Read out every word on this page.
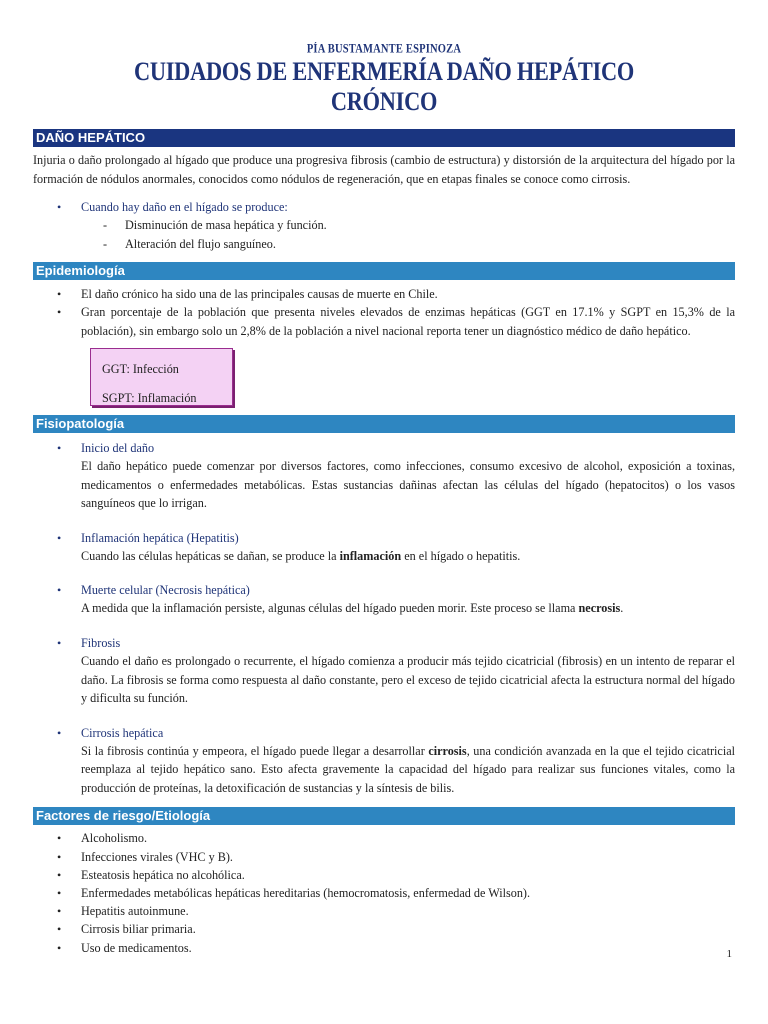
PÍA BUSTAMANTE ESPINOZA
CUIDADOS DE ENFERMERÍA DAÑO HEPÁTICO CRÓNICO
DAÑO HEPÁTICO

Injuria o daño prolongado al hígado que produce una progresiva fibrosis (cambio de estructura) y distorsión de la arquitectura del hígado por la formación de nódulos anormales, conocidos como nódulos de regeneración, que en etapas finales se conoce como cirrosis.

• Cuando hay daño en el hígado se produce:
- Disminución de masa hepática y función.
- Alteración del flujo sanguíneo.
Epidemiología
• El daño crónico ha sido una de las principales causas de muerte en Chile.
• Gran porcentaje de la población que presenta niveles elevados de enzimas hepáticas (GGT en 17.1% y SGPT en 15,3% de la población), sin embargo solo un 2,8% de la población a nivel nacional reporta tener un diagnóstico médico de daño hepático.
GGT: Infección
SGPT: Inflamación
Fisiopatología
• Inicio del daño

El daño hepático puede comenzar por diversos factores, como infecciones, consumo excesivo de alcohol, exposición a toxinas, medicamentos o enfermedades metabólicas. Estas sustancias dañinas afectan las células del hígado (hepatocitos) o los vasos sanguíneos que lo irrigan.

• Inflamación hepática (Hepatitis)

Cuando las células hepáticas se dañan, se produce la inflamación en el hígado o hepatitis.

• Muerte celular (Necrosis hepática)

A medida que la inflamación persiste, algunas células del hígado pueden morir. Este proceso se llama necrosis.

• Fibrosis

Cuando el daño es prolongado o recurrente, el hígado comienza a producir más tejido cicatricial (fibrosis) en un intento de reparar el daño. La fibrosis se forma como respuesta al daño constante, pero el exceso de tejido cicatricial afecta la estructura normal del hígado y dificulta su función.

• Cirrosis hepática

Si la fibrosis continúa y empeora, el hígado puede llegar a desarrollar cirrosis, una condición avanzada en la que el tejido cicatricial reemplaza al tejido hepático sano. Esto afecta gravemente la capacidad del hígado para realizar sus funciones vitales, como la producción de proteínas, la detoxificación de sustancias y la síntesis de bilis.

Factores de riesgo/Etiología
• Alcoholismo.
• Infecciones virales (VHC y B).
• Esteatosis hepática no alcohólica.
• Enfermedades metabólicas hepáticas hereditarias (hemocromatosis, enfermedad de Wilson).
• Hepatitis autoinmune.
• Cirrosis biliar primaria.
• Uso de medicamentos.	1
